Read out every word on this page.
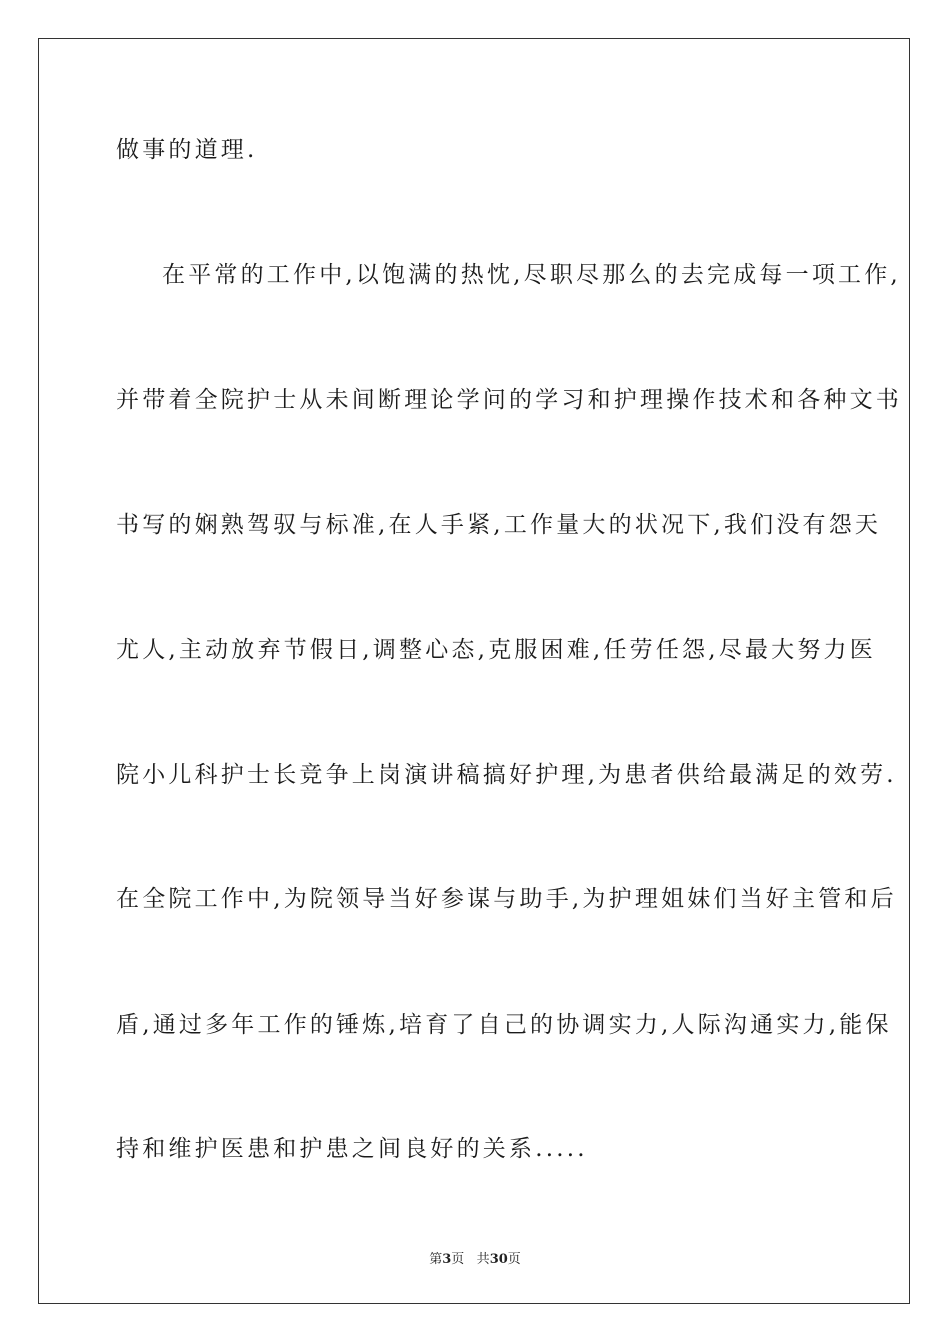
做事的道理.
在平常的工作中,以饱满的热忱,尽职尽那么的去完成每一项工作,
并带着全院护士从未间断理论学问的学习和护理操作技术和各种文书
书写的娴熟驾驭与标准,在人手紧,工作量大的状况下,我们没有怨天
尤人,主动放弃节假日,调整心态,克服困难,任劳任怨,尽最大努力医
院小儿科护士长竞争上岗演讲稿搞好护理,为患者供给最满足的效劳.
在全院工作中,为院领导当好参谋与助手,为护理姐妹们当好主管和后
盾,通过多年工作的锤炼,培育了自己的协调实力,人际沟通实力,能保
持和维护医患和护患之间良好的关系.....
第3页 共30页
